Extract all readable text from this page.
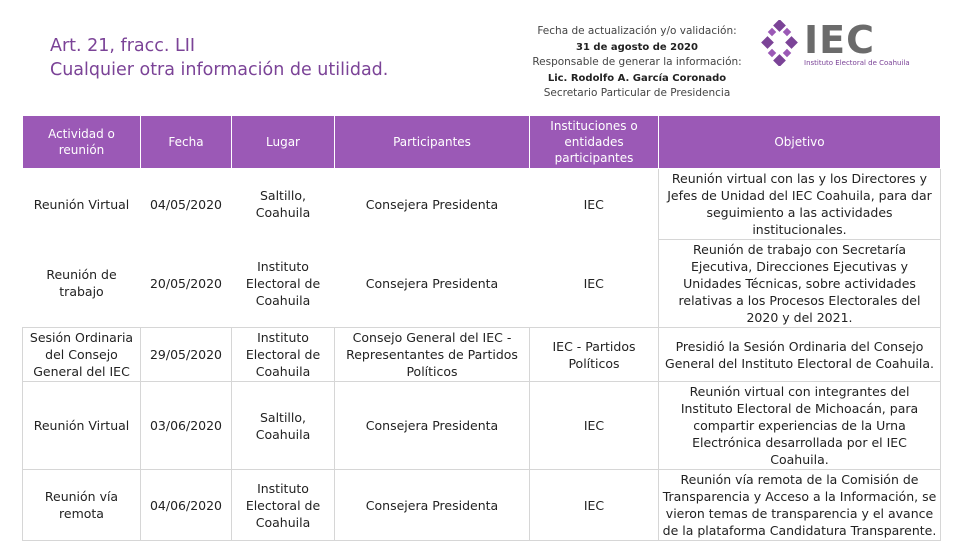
Art. 21, fracc. LII
Cualquier otra información de utilidad.
Fecha de actualización y/o validación:
31 de agosto de 2020
Responsable de generar la información:
Lic. Rodolfo A. García Coronado
Secretario Particular de Presidencia
IEC
Instituto Electoral de Coahuila
Actividad o reunión	Fecha	Lugar	Participantes	Instituciones o entidades participantes	Objetivo
Reunión Virtual	04/05/2020	Saltillo, Coahuila	Consejera Presidenta	IEC	Reunión virtual con las y los Directores y Jefes de Unidad del IEC Coahuila, para dar seguimiento a las actividades institucionales.
Reunión de trabajo	20/05/2020	Instituto Electoral de Coahuila	Consejera Presidenta	IEC	Reunión de trabajo con Secretaría Ejecutiva, Direcciones Ejecutivas y Unidades Técnicas, sobre actividades relativas a los Procesos Electorales del 2020 y del 2021.
Sesión Ordinaria del Consejo General del IEC	29/05/2020	Instituto Electoral de Coahuila	Consejo General del IEC - Representantes de Partidos Políticos	IEC - Partidos Políticos	Presidió la Sesión Ordinaria del Consejo General del Instituto Electoral de Coahuila.
Reunión Virtual	03/06/2020	Saltillo, Coahuila	Consejera Presidenta	IEC	Reunión virtual con integrantes del Instituto Electoral de Michoacán, para compartir experiencias de la Urna Electrónica desarrollada por el IEC Coahuila.
Reunión vía remota	04/06/2020	Instituto Electoral de Coahuila	Consejera Presidenta	IEC	Reunión vía remota de la Comisión de Transparencia y Acceso a la Información, se vieron temas de transparencia y el avance de la plataforma Candidatura Transparente.
